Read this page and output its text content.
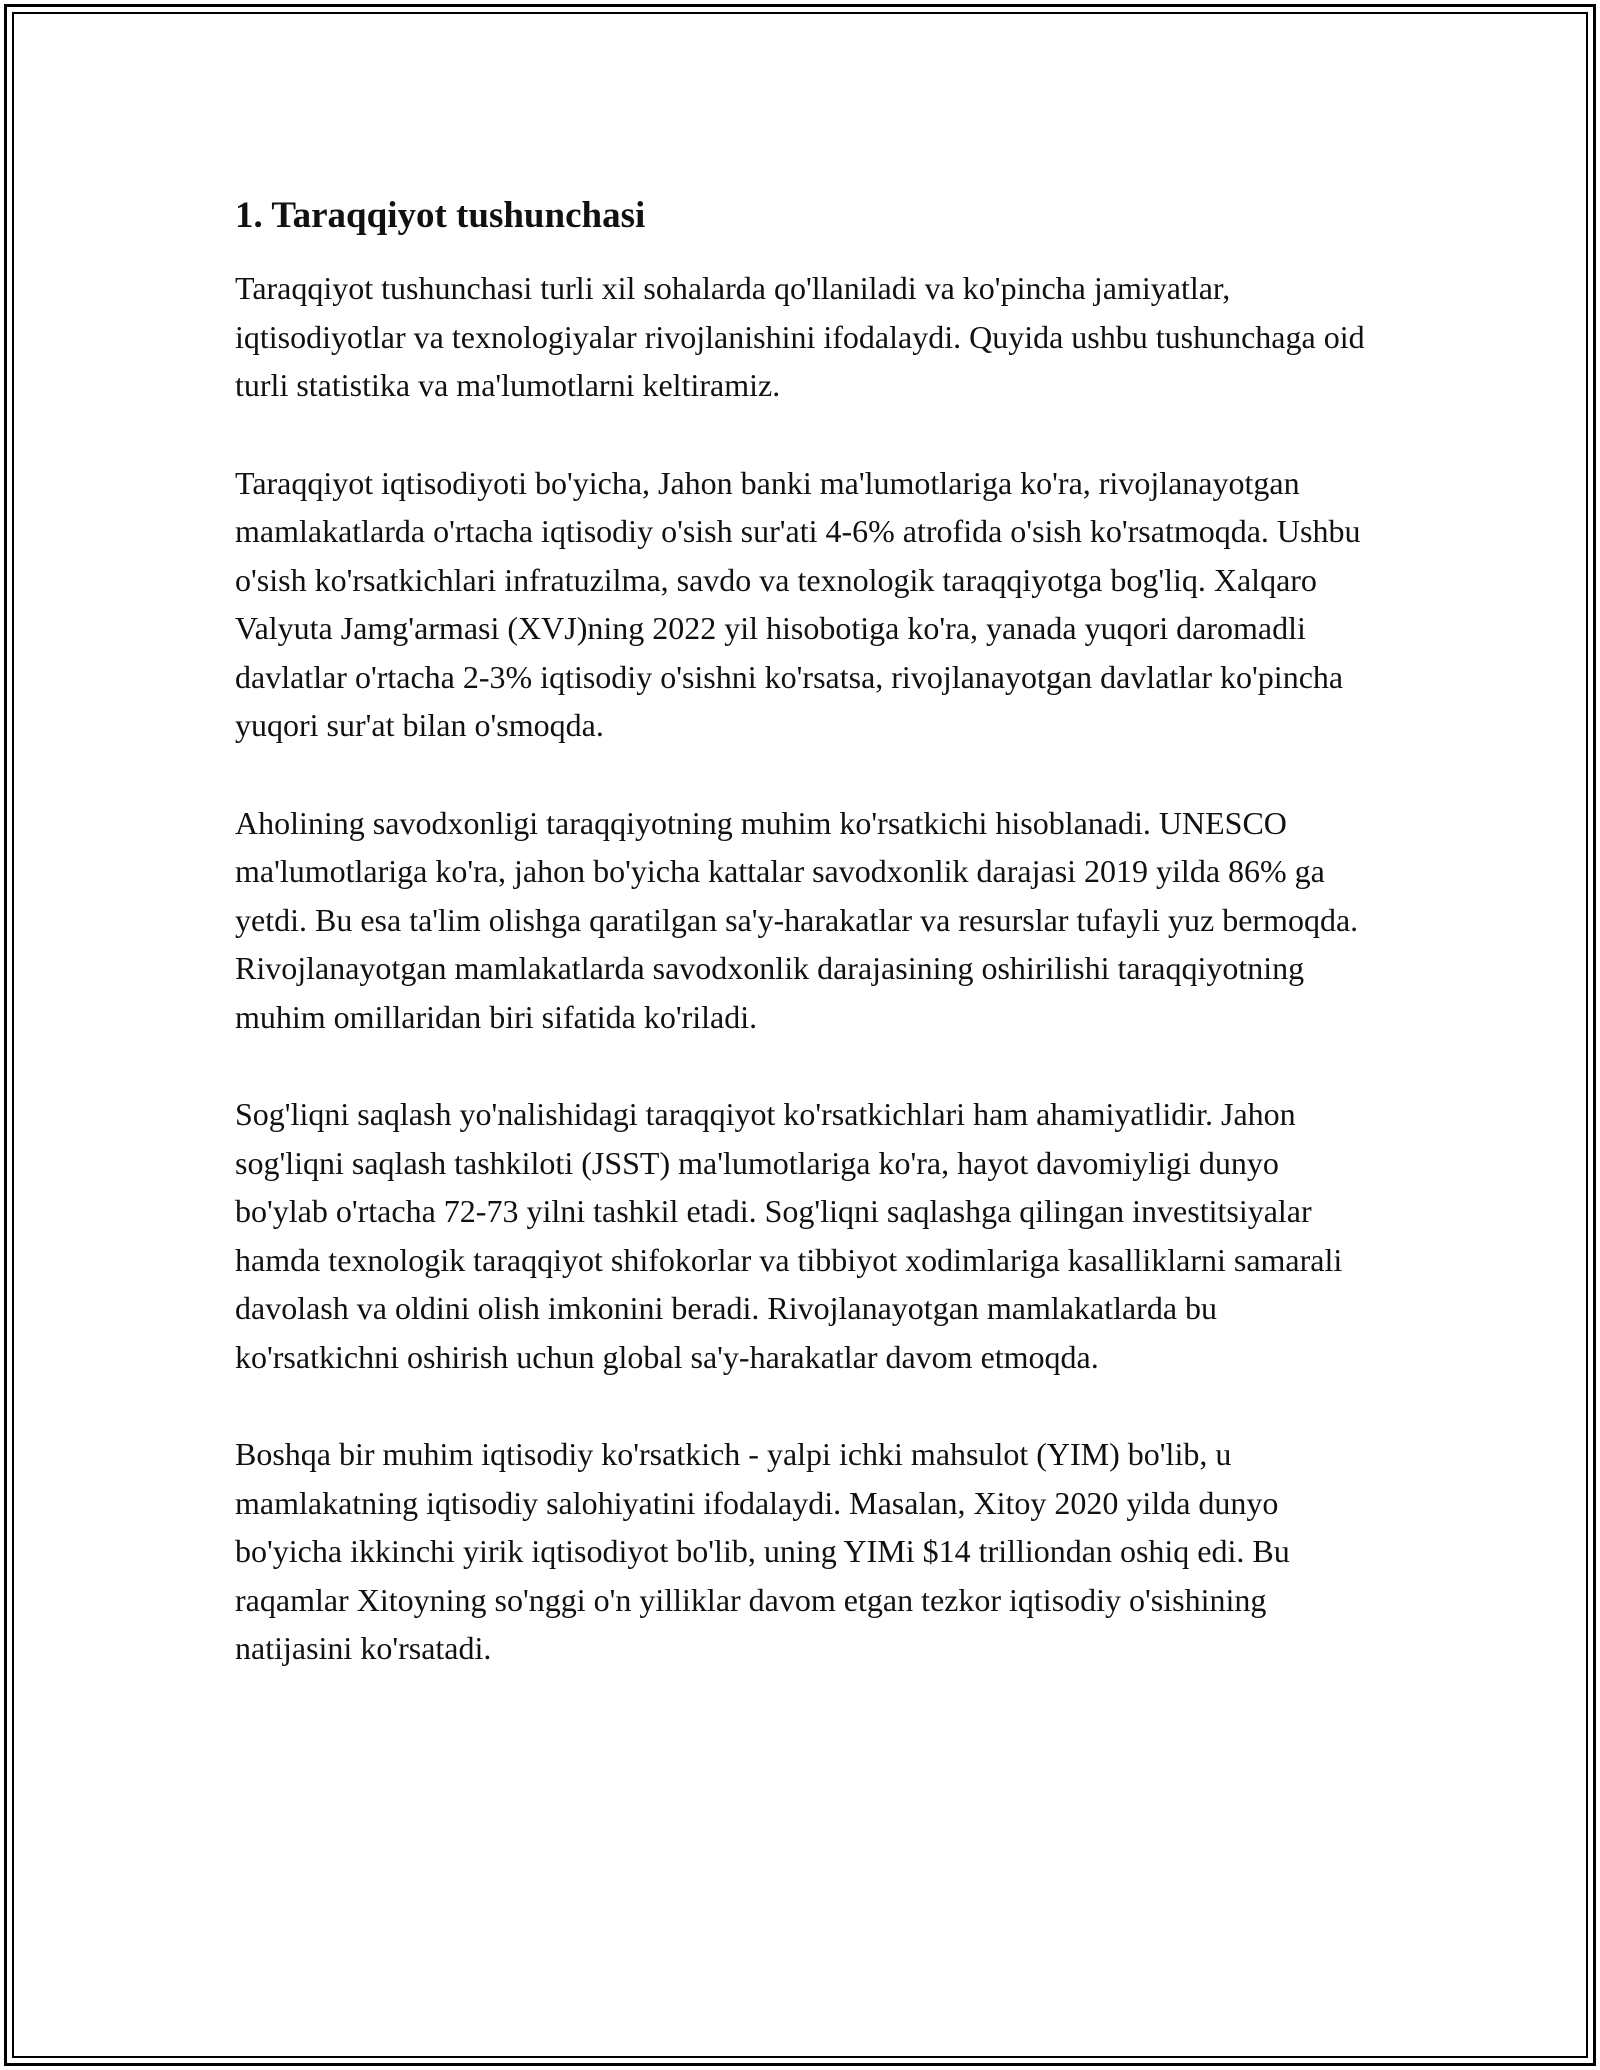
1. Taraqqiyot tushunchasi

Taraqqiyot tushunchasi turli xil sohalarda qo'llaniladi va ko'pincha jamiyatlar, iqtisodiyotlar va texnologiyalar rivojlanishini ifodalaydi. Quyida ushbu tushunchaga oid turli statistika va ma'lumotlarni keltiramiz.

Taraqqiyot iqtisodiyoti bo'yicha, Jahon banki ma'lumotlariga ko'ra, rivojlanayotgan mamlakatlarda o'rtacha iqtisodiy o'sish sur'ati 4-6% atrofida o'sish ko'rsatmoqda. Ushbu o'sish ko'rsatkichlari infratuzilma, savdo va texnologik taraqqiyotga bog'liq. Xalqaro Valyuta Jamg'armasi (XVJ)ning 2022 yil hisobotiga ko'ra, yanada yuqori daromadli davlatlar o'rtacha 2-3% iqtisodiy o'sishni ko'rsatsa, rivojlanayotgan davlatlar ko'pincha yuqori sur'at bilan o'smoqda.

Aholining savodxonligi taraqqiyotning muhim ko'rsatkichi hisoblanadi. UNESCO ma'lumotlariga ko'ra, jahon bo'yicha kattalar savodxonlik darajasi 2019 yilda 86% ga yetdi. Bu esa ta'lim olishga qaratilgan sa'y-harakatlar va resurslar tufayli yuz bermoqda. Rivojlanayotgan mamlakatlarda savodxonlik darajasining oshirilishi taraqqiyotning muhim omillaridan biri sifatida ko'riladi.

Sog'liqni saqlash yo'nalishidagi taraqqiyot ko'rsatkichlari ham ahamiyatlidir. Jahon sog'liqni saqlash tashkiloti (JSST) ma'lumotlariga ko'ra, hayot davomiyligi dunyo bo'ylab o'rtacha 72-73 yilni tashkil etadi. Sog'liqni saqlashga qilingan investitsiyalar hamda texnologik taraqqiyot shifokorlar va tibbiyot xodimlariga kasalliklarni samarali davolash va oldini olish imkonini beradi. Rivojlanayotgan mamlakatlarda bu ko'rsatkichni oshirish uchun global sa'y-harakatlar davom etmoqda.

Boshqa bir muhim iqtisodiy ko'rsatkich - yalpi ichki mahsulot (YIM) bo'lib, u mamlakatning iqtisodiy salohiyatini ifodalaydi. Masalan, Xitoy 2020 yilda dunyo bo'yicha ikkinchi yirik iqtisodiyot bo'lib, uning YIMi $14 trilliondan oshiq edi. Bu raqamlar Xitoyning so'nggi o'n yilliklar davom etgan tezkor iqtisodiy o'sishining natijasini ko'rsatadi.
